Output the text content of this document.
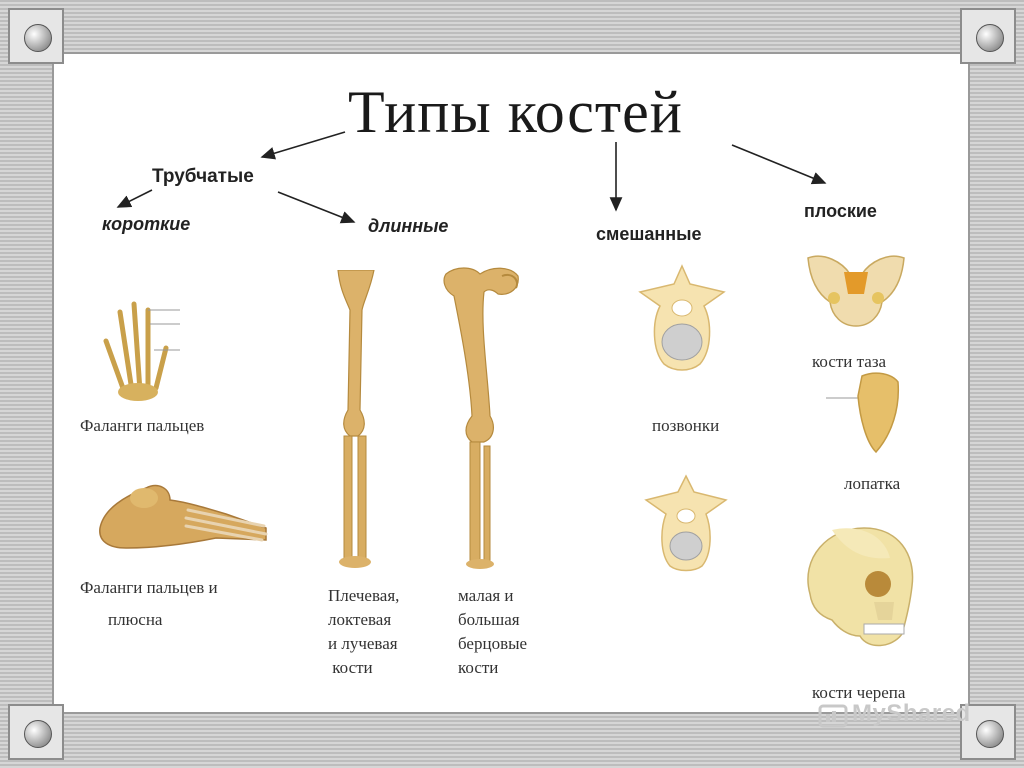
Типы костей
Трубчатые
короткие	длинные	смешанные
плоские
Фаланги пальцев
Фаланги пальцев и
плюсна
Плечевая,
локтевая
и лучевая
кости
малая и
большая
берцовые
кости
позвонки
кости таза
лопатка
кости черепа
MyShared
